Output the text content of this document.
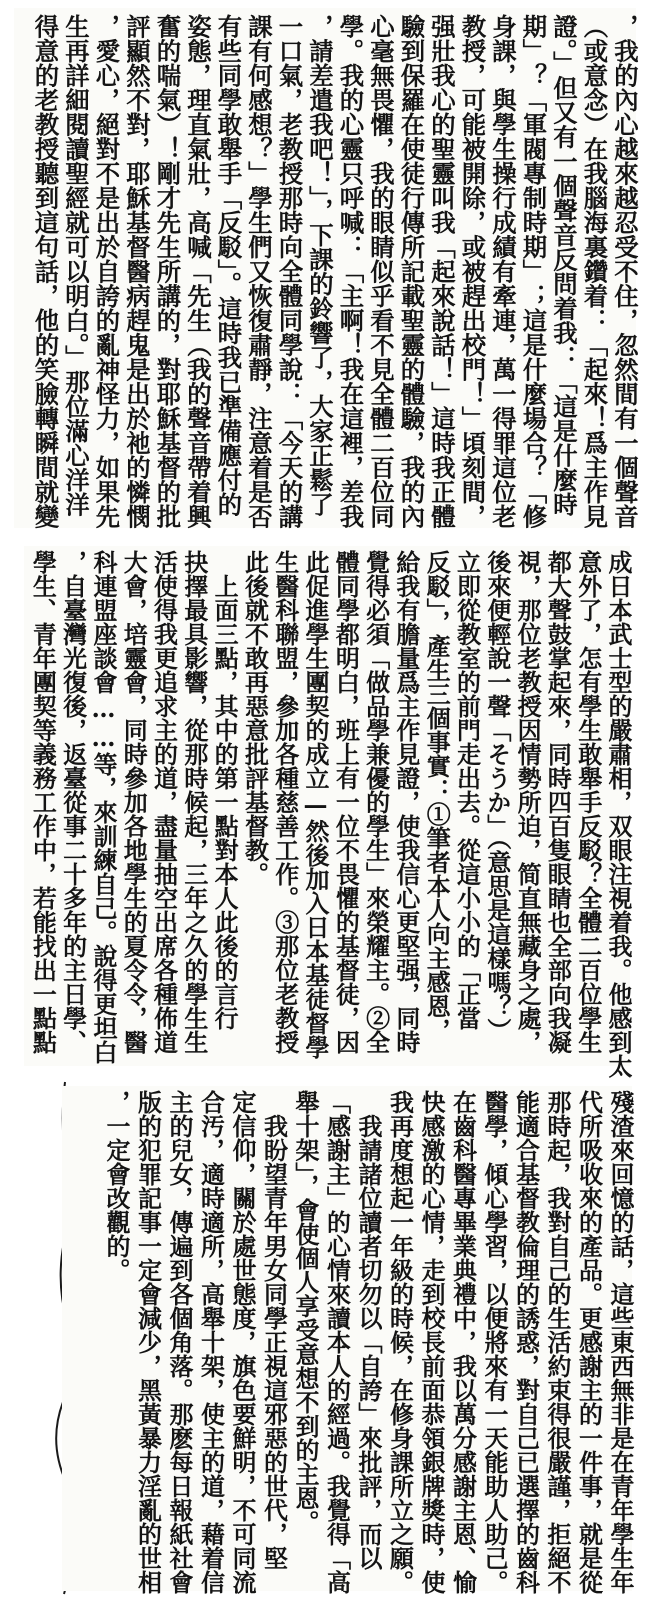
，我的內心越來越忍受不住，忽然間有一個聲音
（或意念）在我腦海裏鑽着：「起來！爲主作見
證。」但又有一個聲音反問着我：「這是什麼時
期」？「軍閥專制時期」；這是什麼場合？「修
身課，與學生操行成績有牽連，萬一得罪這位老
教授，可能被開除，或被趕出校門！」頃刻間，
强壯我心的聖靈叫我「起來說話！」這時我正體
驗到保羅在使徒行傳所記載聖靈的體驗，我的內
心毫無畏懼，我的眼睛似乎看不見全體二百位同
學。我的心靈只呼喊：「主啊！我在這裡，差我
，請差遣我吧！」，下課的鈴響了，大家正鬆了
一口氣，老教授那時向全體同學說：「今天的講
課有何感想？」學生們又恢復肅靜，注意着是否
有些同學敢舉手「反駁」。這時我已準備應付的
姿態，理直氣壯，高喊「先生（我的聲音帶着興
奮的喘氣）！剛才先生所講的，對耶穌基督的批
評顯然不對，耶穌基督醫病趕鬼是出於祂的憐憫
，愛心，絕對不是出於自誇的亂神怪力，如果先
生再詳細閱讀聖經就可以明白。」那位滿心洋洋
得意的老教授聽到這句話，他的笑臉轉瞬間就變
成日本武士型的嚴肅相，双眼注視着我。他感到太
意外了，怎有學生敢舉手反駁？全體二百位學生
都大聲鼓掌起來，同時四百隻眼睛也全部向我凝
視，那位老教授因情勢所迫，简直無藏身之處，
後來便輕說一聲「そうか」（意思是這樣嗎？）
立即從教室的前門走出去。從這小小的「正當
反駁」，產生三個事實：①筆者本人向主感恩，
給我有膽量爲主作見證，使我信心更堅强，同時
覺得必須「做品學兼優的學生」來榮耀主。②全
體同學都明白，班上有一位不畏懼的基督徒，因
此促進學生團契的成立—然後加入日本基徒督學
生醫科聯盟，參加各種慈善工作。③那位老教授
此後就不敢再惡意批評基督教。
　上面三點，其中的第一點對本人此後的言行
抉擇最具影響，從那時候起，三年之久的學生生
活使得我更追求主的道，盡量抽空出席各種佈道
大會，培靈會，同時參加各地學生的夏令令，醫
科連盟座談會……等，來訓練自己。說得更坦白
，自臺灣光復後，返臺從事二十多年的主日學、
學生、青年團契等義務工作中，若能找出一點點
殘渣來回憶的話，這些東西無非是在青年學生年
代所吸收來的產品。更感謝主的一件事，就是從
那時起，我對自己的生活約束得很嚴謹，拒絕不
能適合基督教倫理的誘惑，對自己已選擇的齒科
醫學，傾心學習，以便將來有一天能助人助己。
在齒科醫專畢業典禮中，我以萬分感謝主恩、愉
快感激的心情，走到校長前面恭領銀牌獎時，使
我再度想起一年級的時候，在修身課所立之願。
　我請諸位讀者切勿以「自誇」來批評，而以
「感謝主」的心情來讀本人的經過。我覺得「高
舉十架」，會使個人享受意想不到的主恩。
　我盼望青年男女同學正視這邪惡的世代，堅
定信仰，關於處世態度，旗色要鮮明，不可同流
合汚，適時適所，高舉十架，使主的道，藉着信
主的兒女，傳遍到各個角落。那麽每日報紙社會
版的犯罪記事一定會減少，黑黃暴力淫亂的世相
，一定會改觀的。
